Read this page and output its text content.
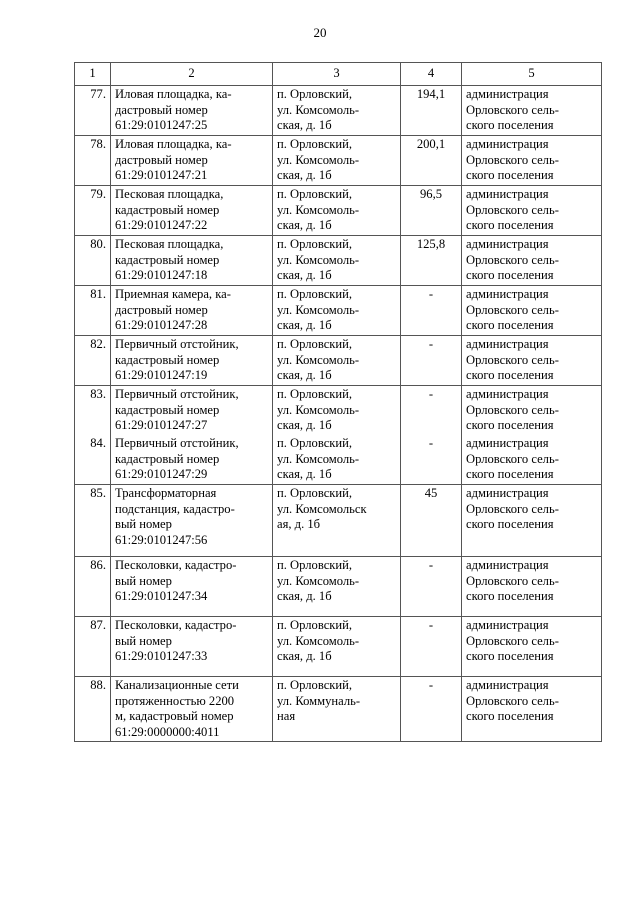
20
1	2	3	4	5
77.	Иловая площадка, ка-
дастровый номер
61:29:0101247:25	п. Орловский,
ул. Комсомоль-
ская, д. 1б	194,1	администрация
Орловского сель-
ского поселения
78.	Иловая площадка, ка-
дастровый номер
61:29:0101247:21	п. Орловский,
ул. Комсомоль-
ская, д. 1б	200,1	администрация
Орловского сель-
ского поселения
79.	Песковая площадка,
кадастровый номер
61:29:0101247:22	п. Орловский,
ул. Комсомоль-
ская, д. 1б	96,5	администрация
Орловского сель-
ского поселения
80.	Песковая площадка,
кадастровый номер
61:29:0101247:18	п. Орловский,
ул. Комсомоль-
ская, д. 1б	125,8	администрация
Орловского сель-
ского поселения
81.	Приемная камера, ка-
дастровый номер
61:29:0101247:28	п. Орловский,
ул. Комсомоль-
ская, д. 1б	-	администрация
Орловского сель-
ского поселения
82.	Первичный отстойник,
кадастровый номер
61:29:0101247:19	п. Орловский,
ул. Комсомоль-
ская, д. 1б	-	администрация
Орловского сель-
ского поселения
83.	Первичный отстойник,
кадастровый номер
61:29:0101247:27	п. Орловский,
ул. Комсомоль-
ская, д. 1б	-	администрация
Орловского сель-
ского поселения
84.	Первичный отстойник,
кадастровый номер
61:29:0101247:29	п. Орловский,
ул. Комсомоль-
ская, д. 1б	-	администрация
Орловского сель-
ского поселения
85.	Трансформаторная
подстанция, кадастро-
вый номер
61:29:0101247:56	п. Орловский,
ул. Комсомольск
ая, д. 1б	45	администрация
Орловского сель-
ского поселения
86.	Песколовки, кадастро-
вый номер
61:29:0101247:34	п. Орловский,
ул. Комсомоль-
ская, д. 1б	-	администрация
Орловского сель-
ского поселения
87.	Песколовки, кадастро-
вый номер
61:29:0101247:33	п. Орловский,
ул. Комсомоль-
ская, д. 1б	-	администрация
Орловского сель-
ского поселения
88.	Канализационные сети
протяженностью 2200
м, кадастровый номер
61:29:0000000:4011	п. Орловский,
ул. Коммуналь-
ная	-	администрация
Орловского сель-
ского поселения
